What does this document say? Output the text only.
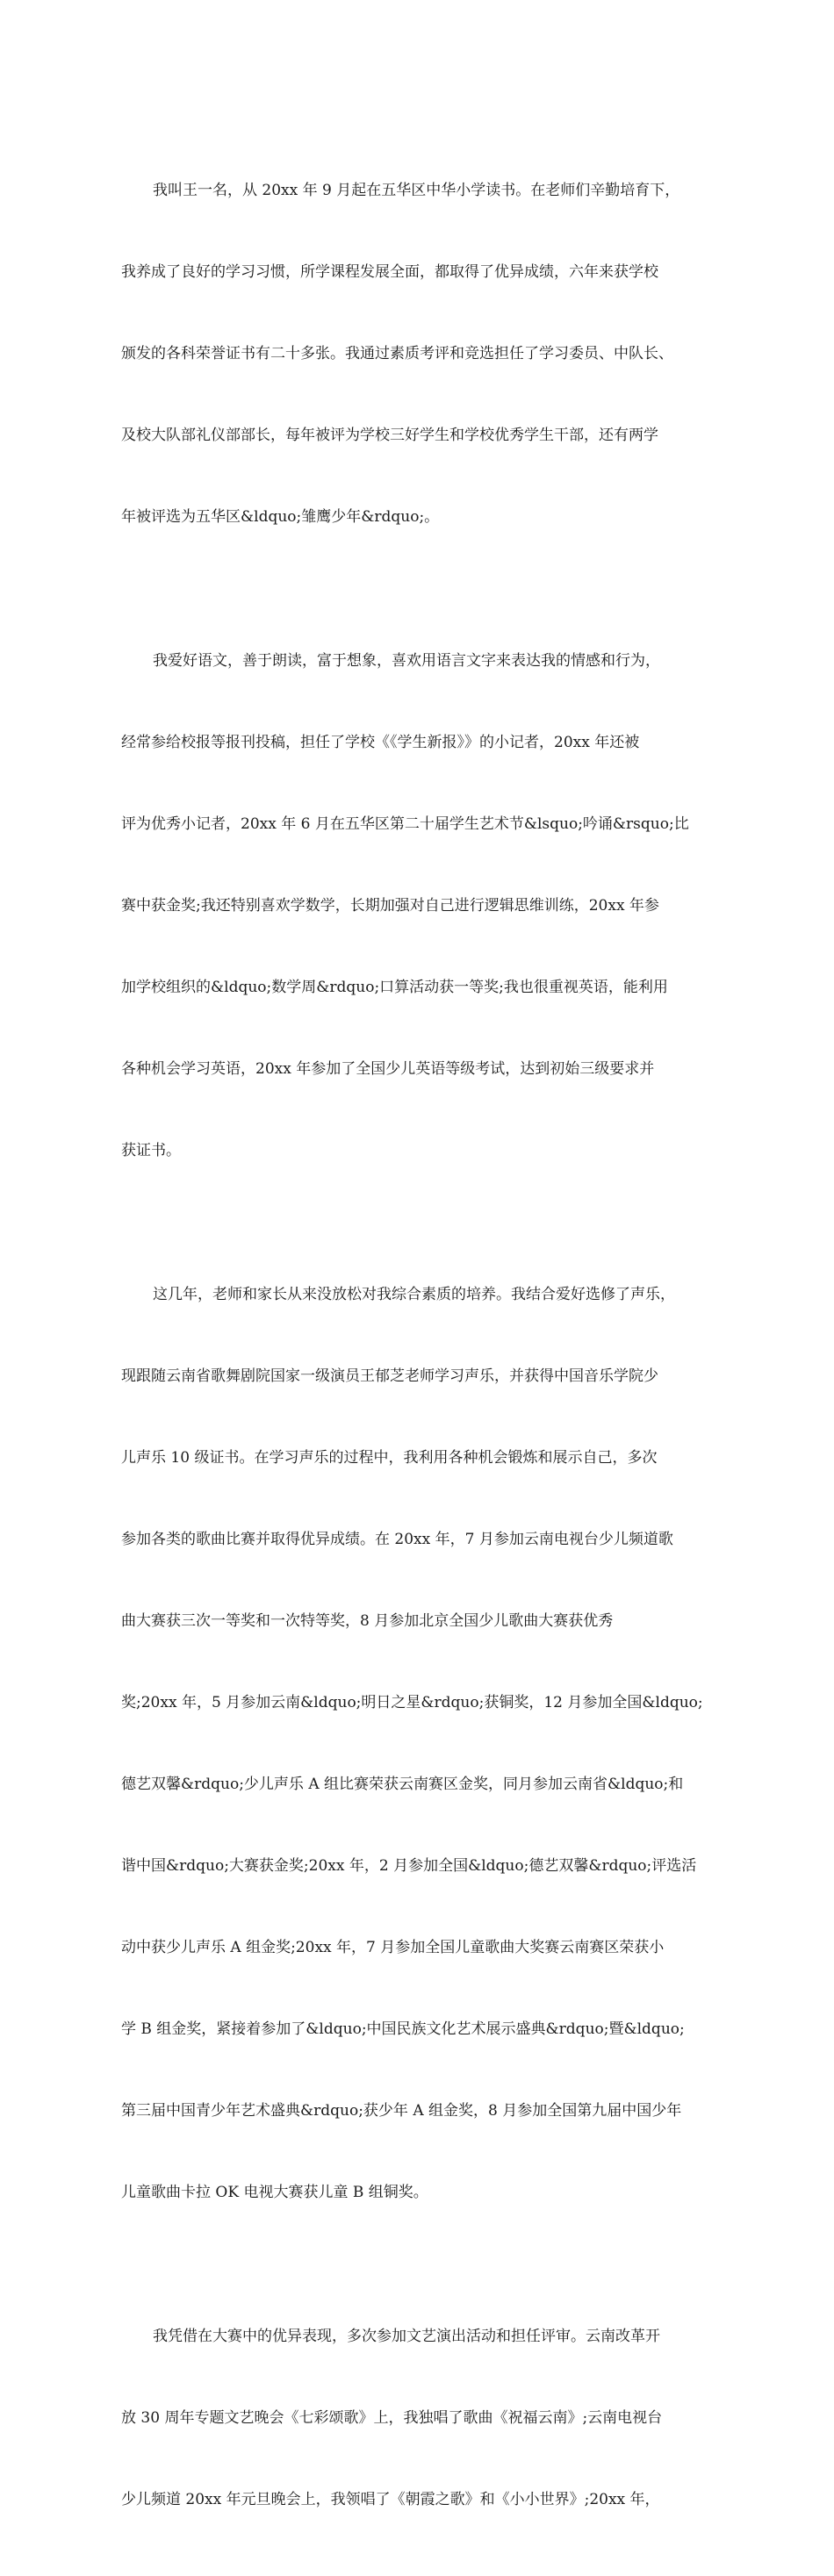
我叫王一名，从 20xx 年 9 月起在五华区中华小学读书。在老师们辛勤培育下，

我养成了良好的学习习惯，所学课程发展全面，都取得了优异成绩，六年来获学校

颁发的各科荣誉证书有二十多张。我通过素质考评和竞选担任了学习委员、中队长、

及校大队部礼仪部部长，每年被评为学校三好学生和学校优秀学生干部，还有两学

年被评选为五华区&ldquo;雏鹰少年&rdquo;。

我爱好语文，善于朗读，富于想象，喜欢用语言文字来表达我的情感和行为，

经常参给校报等报刊投稿，担任了学校《《学生新报》》的小记者，20xx 年还被

评为优秀小记者，20xx 年 6 月在五华区第二十届学生艺术节&lsquo;吟诵&rsquo;比

赛中获金奖;我还特别喜欢学数学，长期加强对自己进行逻辑思维训练，20xx 年参

加学校组织的&ldquo;数学周&rdquo;口算活动获一等奖;我也很重视英语，能利用

各种机会学习英语，20xx 年参加了全国少儿英语等级考试，达到初始三级要求并

获证书。

这几年，老师和家长从来没放松对我综合素质的培养。我结合爱好选修了声乐，

现跟随云南省歌舞剧院国家一级演员王郁芝老师学习声乐，并获得中国音乐学院少

儿声乐 10 级证书。在学习声乐的过程中，我利用各种机会锻炼和展示自己，多次

参加各类的歌曲比赛并取得优异成绩。在 20xx 年，7 月参加云南电视台少儿频道歌

曲大赛获三次一等奖和一次特等奖，8 月参加北京全国少儿歌曲大赛获优秀

奖;20xx 年，5 月参加云南&ldquo;明日之星&rdquo;获铜奖，12 月参加全国&ldquo;

德艺双馨&rdquo;少儿声乐 A 组比赛荣获云南赛区金奖，同月参加云南省&ldquo;和

谐中国&rdquo;大赛获金奖;20xx 年，2 月参加全国&ldquo;德艺双馨&rdquo;评选活

动中获少儿声乐 A 组金奖;20xx 年，7 月参加全国儿童歌曲大奖赛云南赛区荣获小

学 B 组金奖，紧接着参加了&ldquo;中国民族文化艺术展示盛典&rdquo;暨&ldquo;

第三届中国青少年艺术盛典&rdquo;获少年 A 组金奖，8 月参加全国第九届中国少年

儿童歌曲卡拉 OK 电视大赛获儿童 B 组铜奖。

我凭借在大赛中的优异表现，多次参加文艺演出活动和担任评审。云南改革开

放 30 周年专题文艺晚会《七彩颂歌》上，我独唱了歌曲《祝福云南》;云南电视台

少儿频道 20xx 年元旦晚会上，我领唱了《朝霞之歌》和《小小世界》;20xx 年，
